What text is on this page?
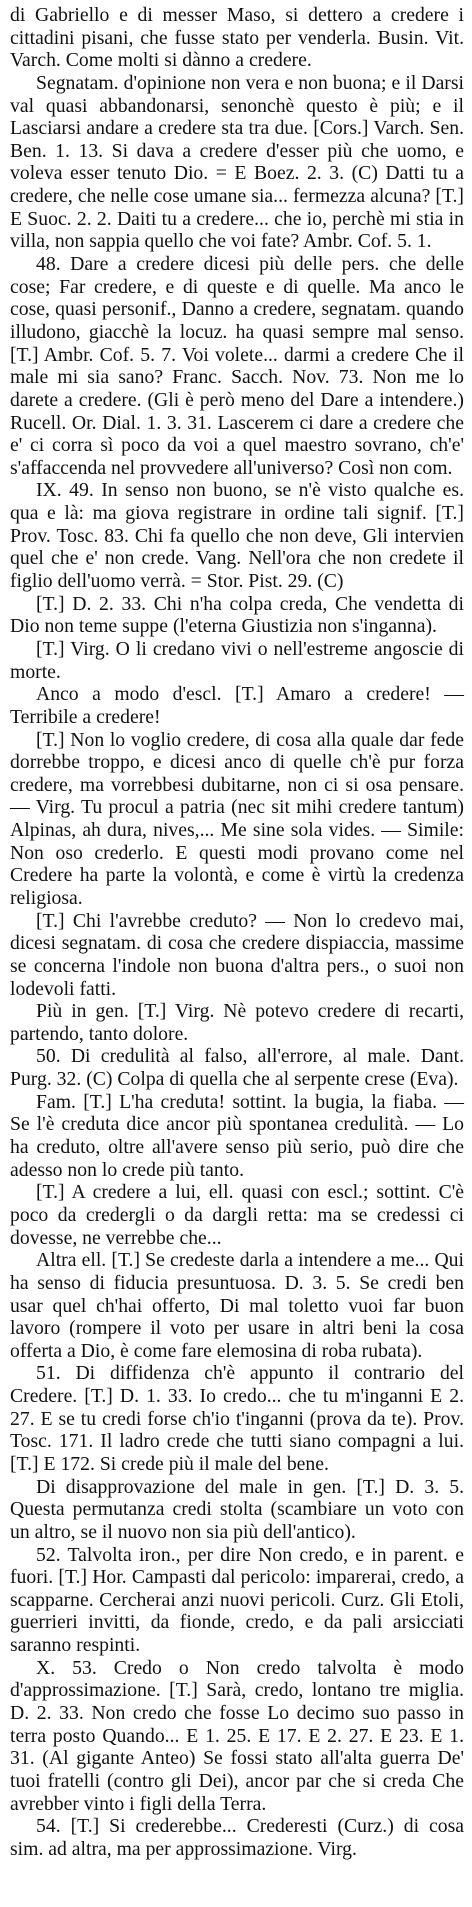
di Gabriello e di messer Maso, si dettero a credere i cittadini pisani, che fusse stato per venderla. Busin. Vit. Varch. Come molti si dànno a credere.

Segnatam. d'opinione non vera e non buona; e il Darsi val quasi abbandonarsi, senonchè questo è più; e il Lasciarsi andare a credere sta tra due. [Cors.] Varch. Sen. Ben. 1. 13. Si dava a credere d'esser più che uomo, e voleva esser tenuto Dio. = E Boez. 2. 3. (C) Datti tu a credere, che nelle cose umane sia... fermezza alcuna? [T.] E Suoc. 2. 2. Daiti tu a credere... che io, perchè mi stia in villa, non sappia quello che voi fate? Ambr. Cof. 5. 1.

48. Dare a credere dicesi più delle pers. che delle cose; Far credere, e di queste e di quelle. Ma anco le cose, quasi personif., Danno a credere, segnatam. quando illudono, giacchè la locuz. ha quasi sempre mal senso. [T.] Ambr. Cof. 5. 7. Voi volete... darmi a credere Che il male mi sia sano? Franc. Sacch. Nov. 73. Non me lo darete a credere. (Gli è però meno del Dare a intendere.) Rucell. Or. Dial. 1. 3. 31. Lascerem ci dare a credere che e' ci corra sì poco da voi a quel maestro sovrano, ch'e' s'affaccenda nel provvedere all'universo? Così non com.

IX. 49. In senso non buono, se n'è visto qualche es. qua e là: ma giova registrare in ordine tali signif. [T.] Prov. Tosc. 83. Chi fa quello che non deve, Gli intervien quel che e' non crede. Vang. Nell'ora che non credete il figlio dell'uomo verrà. = Stor. Pist. 29. (C)

[T.] D. 2. 33. Chi n'ha colpa creda, Che vendetta di Dio non teme suppe (l'eterna Giustizia non s'inganna).

[T.] Virg. O li credano vivi o nell'estreme angoscie di morte.

Anco a modo d'escl. [T.] Amaro a credere! — Terribile a credere!

[T.] Non lo voglio credere, di cosa alla quale dar fede dorrebbe troppo, e dicesi anco di quelle ch'è pur forza credere, ma vorrebbesi dubitarne, non ci si osa pensare. — Virg. Tu procul a patria (nec sit mihi credere tantum) Alpinas, ah dura, nives,... Me sine sola vides. — Simile: Non oso crederlo. E questi modi provano come nel Credere ha parte la volontà, e come è virtù la credenza religiosa.

[T.] Chi l'avrebbe creduto? — Non lo credevo mai, dicesi segnatam. di cosa che credere dispiaccia, massime se concerna l'indole non buona d'altra pers., o suoi non lodevoli fatti.

Più in gen. [T.] Virg. Nè potevo credere di recarti, partendo, tanto dolore.

50. Di credulità al falso, all'errore, al male. Dant. Purg. 32. (C) Colpa di quella che al serpente crese (Eva).

Fam. [T.] L'ha creduta! sottint. la bugia, la fiaba. — Se l'è creduta dice ancor più spontanea credulità. — Lo ha creduto, oltre all'avere senso più serio, può dire che adesso non lo crede più tanto.

[T.] A credere a lui, ell. quasi con escl.; sottint. C'è poco da credergli o da dargli retta: ma se credessi ci dovesse, ne verrebbe che...

Altra ell. [T.] Se credeste darla a intendere a me... Qui ha senso di fiducia presuntuosa. D. 3. 5. Se credi ben usar quel ch'hai offerto, Di mal toletto vuoi far buon lavoro (rompere il voto per usare in altri beni la cosa offerta a Dio, è come fare elemosina di roba rubata).

51. Di diffidenza ch'è appunto il contrario del Credere. [T.] D. 1. 33. Io credo... che tu m'inganni E 2. 27. E se tu credi forse ch'io t'inganni (prova da te). Prov. Tosc. 171. Il ladro crede che tutti siano compagni a lui. [T.] E 172. Si crede più il male del bene.

Di disapprovazione del male in gen. [T.] D. 3. 5. Questa permutanza credi stolta (scambiare un voto con un altro, se il nuovo non sia più dell'antico).

52. Talvolta iron., per dire Non credo, e in parent. e fuori. [T.] Hor. Campasti dal pericolo: imparerai, credo, a scapparne. Cercherai anzi nuovi pericoli. Curz. Gli Etoli, guerrieri invitti, da fionde, credo, e da pali arsicciati saranno respinti.

X. 53. Credo o Non credo talvolta è modo d'approssimazione. [T.] Sarà, credo, lontano tre miglia. D. 2. 33. Non credo che fosse Lo decimo suo passo in terra posto Quando... E 1. 25. E 17. E 2. 27. E 23. E 1. 31. (Al gigante Anteo) Se fossi stato all'alta guerra De' tuoi fratelli (contro gli Dei), ancor par che si creda Che avrebber vinto i figli della Terra.

54. [T.] Si crederebbe... Crederesti (Curz.) di cosa sim. ad altra, ma per approssimazione. Virg.
